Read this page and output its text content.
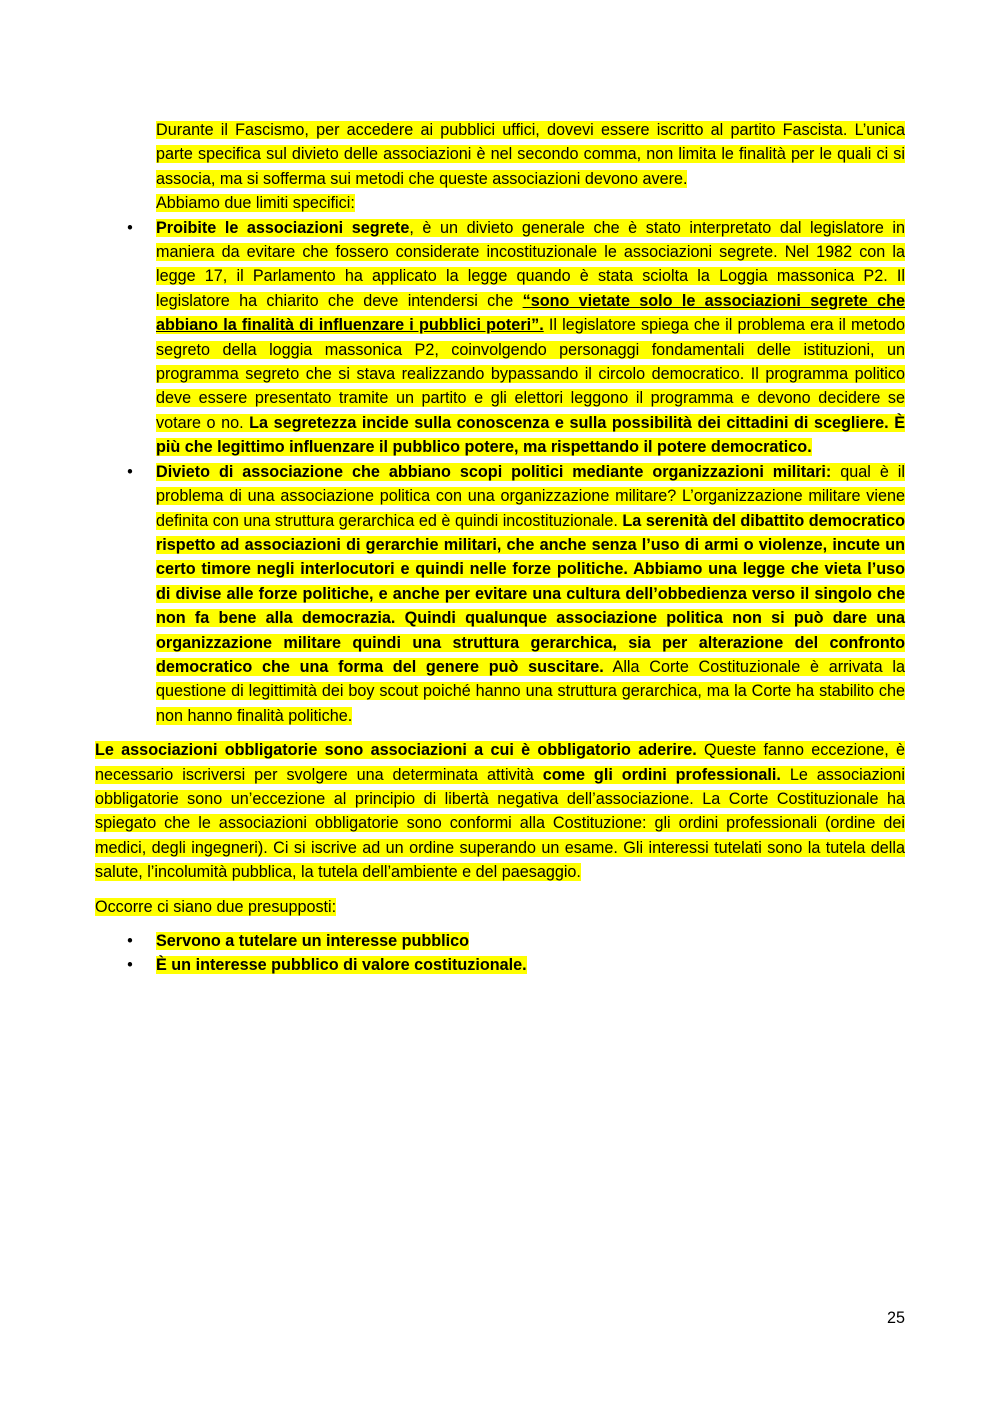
Durante il Fascismo, per accedere ai pubblici uffici, dovevi essere iscritto al partito Fascista. L’unica parte specifica sul divieto delle associazioni è nel secondo comma, non limita le finalità per le quali ci si associa, ma si sofferma sui metodi che queste associazioni devono avere.

Abbiamo due limiti specifici:

• Proibite le associazioni segrete, è un divieto generale che è stato interpretato dal legislatore in maniera da evitare che fossero considerate incostituzionale le associazioni segrete. Nel 1982 con la legge 17, il Parlamento ha applicato la legge quando è stata sciolta la Loggia massonica P2. Il legislatore ha chiarito che deve intendersi che “sono vietate solo le associazioni segrete che abbiano la finalità di influenzare i pubblici poteri”. Il legislatore spiega che il problema era il metodo segreto della loggia massonica P2, coinvolgendo personaggi fondamentali delle istituzioni, un programma segreto che si stava realizzando bypassando il circolo democratico. Il programma politico deve essere presentato tramite un partito e gli elettori leggono il programma e devono decidere se votare o no. La segretezza incide sulla conoscenza e sulla possibilità dei cittadini di scegliere. È più che legittimo influenzare il pubblico potere, ma rispettando il potere democratico.
• Divieto di associazione che abbiano scopi politici mediante organizzazioni militari: qual è il problema di una associazione politica con una organizzazione militare? L’organizzazione militare viene definita con una struttura gerarchica ed è quindi incostituzionale. La serenità del dibattito democratico rispetto ad associazioni di gerarchie militari, che anche senza l’uso di armi o violenze, incute un certo timore negli interlocutori e quindi nelle forze politiche. Abbiamo una legge che vieta l’uso di divise alle forze politiche, e anche per evitare una cultura dell’obbedienza verso il singolo che non fa bene alla democrazia. Quindi qualunque associazione politica non si può dare una organizzazione militare quindi una struttura gerarchica, sia per alterazione del confronto democratico che una forma del genere può suscitare. Alla Corte Costituzionale è arrivata la questione di legittimità dei boy scout poiché hanno una struttura gerarchica, ma la Corte ha stabilito che non hanno finalità politiche.

Le associazioni obbligatorie sono associazioni a cui è obbligatorio aderire. Queste fanno eccezione, è necessario iscriversi per svolgere una determinata attività come gli ordini professionali. Le associazioni obbligatorie sono un’eccezione al principio di libertà negativa dell’associazione. La Corte Costituzionale ha spiegato che le associazioni obbligatorie sono conformi alla Costituzione: gli ordini professionali (ordine dei medici, degli ingegneri). Ci si iscrive ad un ordine superando un esame. Gli interessi tutelati sono la tutela della salute, l’incolumità pubblica, la tutela dell’ambiente e del paesaggio.

Occorre ci siano due presupposti:

• Servono a tutelare un interesse pubblico
• È un interesse pubblico di valore costituzionale.
25
